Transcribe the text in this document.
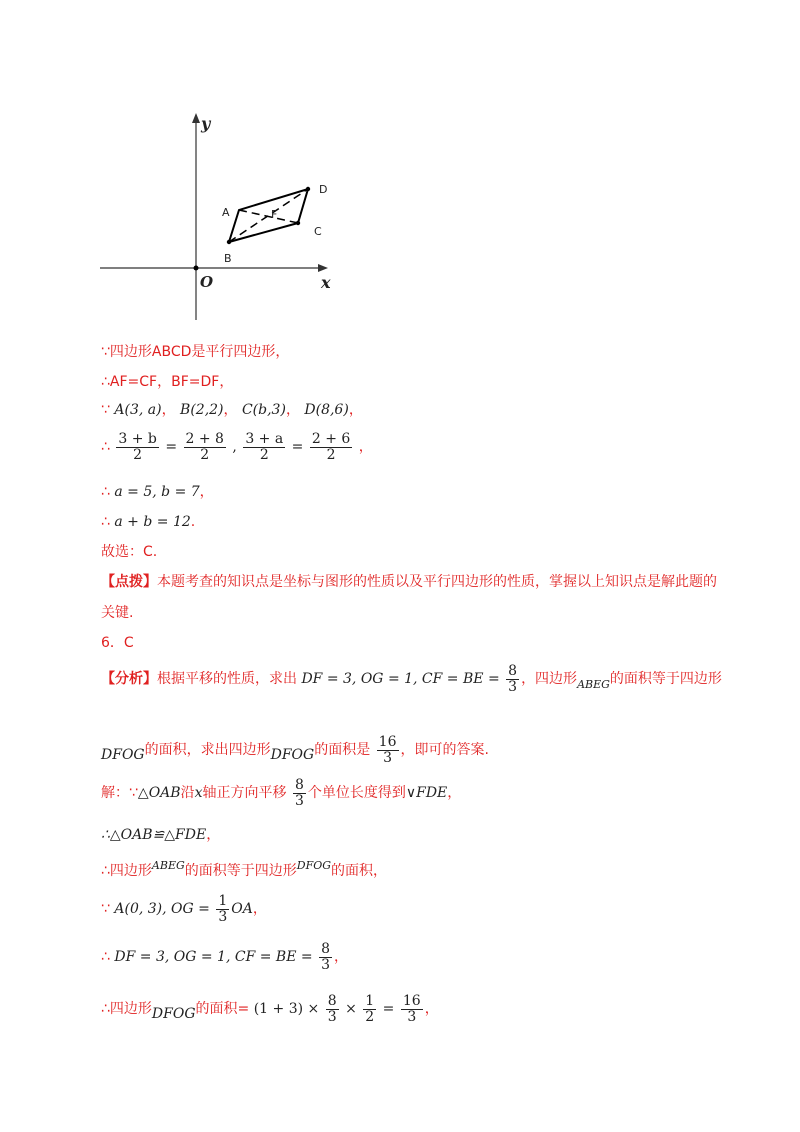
y
x
O
A
B
C
D
F
∵四边形ABCD是平行四边形，
∴AF=CF，BF=DF，
∵ A(3, a)， B(2,2)， C(b,3)， D(8,6)，
∴ $\frac{3 + b}{2} = \frac{2 + 8}{2}$ , $\frac{3 + a}{2} = \frac{2 + 6}{2}$ ，
∴ a = 5, b = 7，
∴ a + b = 12.
故选：C.
【点拨】本题考查的知识点是坐标与图形的性质以及平行四边形的性质，掌握以上知识点是解此题的
关键.
6．C
【分析】根据平移的性质，求出 DF = 3, OG = 1, CF = BE = $\frac{8}{3}$ ，四边形$_{ABEG}$的面积等于四边形
DFOG的面积，求出四边形DFOG的面积是 $\frac{16}{3}$ ，即可的答案.
解：∵△OAB沿x轴正方向平移 $\frac{8}{3}$ 个单位长度得到∨FDE，
∴△OAB≌△FDE，
∴四边形$^{ABEG}$的面积等于四边形$^{DFOG}$的面积，
∵ A(0, 3), OG = $\frac{1}{3}$ OA，
∴ DF = 3, OG = 1, CF = BE = $\frac{8}{3}$ ，
∴四边形DFOG的面积= $(1 + 3) \times \frac{8}{3} \times \frac{1}{2} = \frac{16}{3}$ ，
